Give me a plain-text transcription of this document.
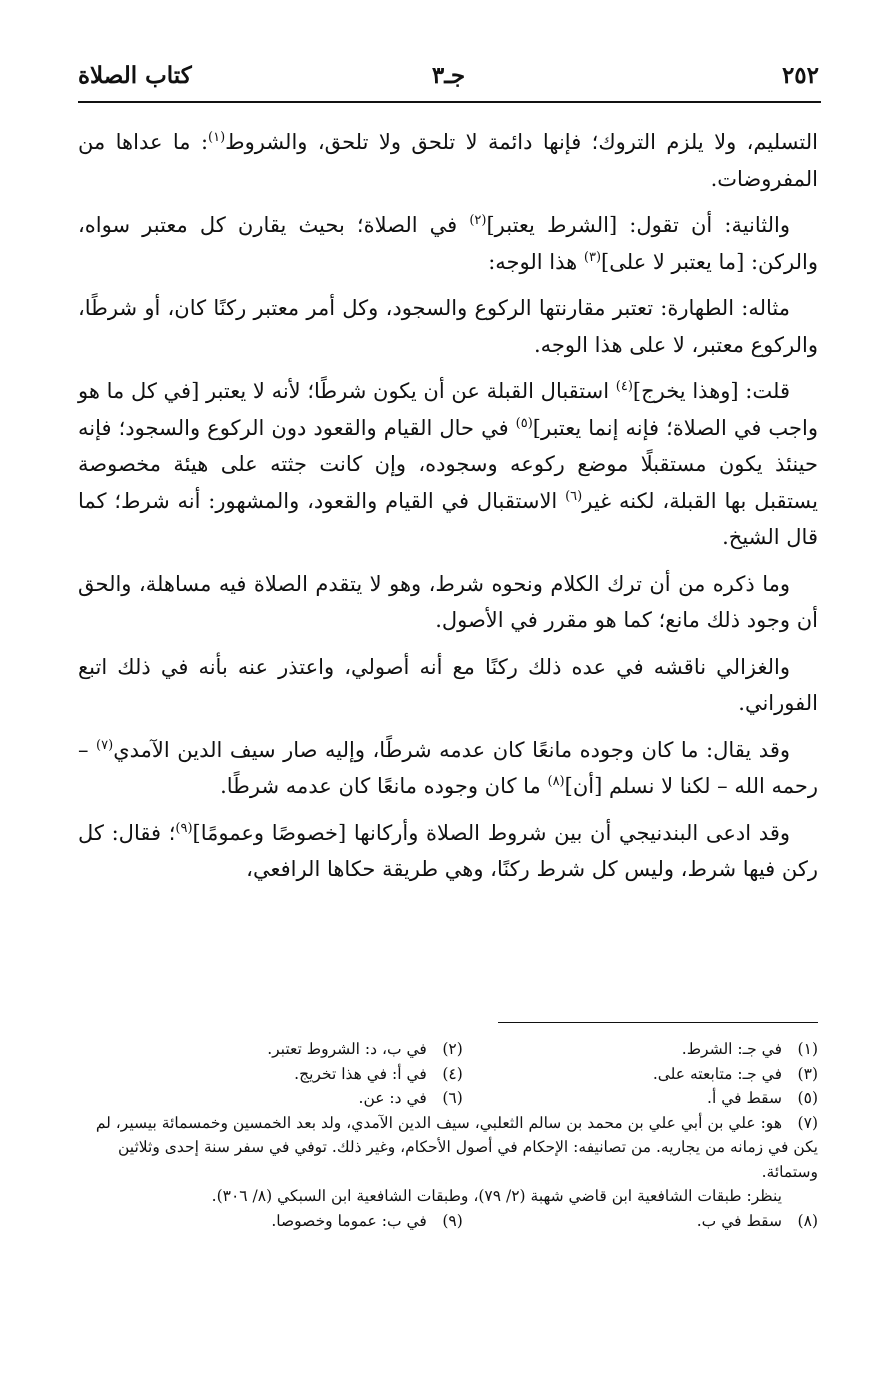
٢٥٢
جـ٣
كتاب الصلاة

التسليم، ولا يلزم التروك؛ فإنها دائمة لا تلحق ولا تلحق، والشروط$^{(١)}$: ما عداها من المفروضات.

والثانية: أن تقول: [الشرط يعتبر]$^{(٢)}$ في الصلاة؛ بحيث يقارن كل معتبر سواه، والركن: [ما يعتبر لا على]$^{(٣)}$ هذا الوجه:

مثاله: الطهارة: تعتبر مقارنتها الركوع والسجود، وكل أمر معتبر ركنًا كان، أو شرطًا، والركوع معتبر، لا على هذا الوجه.

قلت: [وهذا يخرج]$^{(٤)}$ استقبال القبلة عن أن يكون شرطًا؛ لأنه لا يعتبر [في كل ما هو واجب في الصلاة؛ فإنه إنما يعتبر]$^{(٥)}$ في حال القيام والقعود دون الركوع والسجود؛ فإنه حينئذ يكون مستقبلًا موضع ركوعه وسجوده، وإن كانت جثته على هيئة مخصوصة يستقبل بها القبلة، لكنه غير$^{(٦)}$ الاستقبال في القيام والقعود، والمشهور: أنه شرط؛ كما قال الشيخ.

وما ذكره من أن ترك الكلام ونحوه شرط، وهو لا يتقدم الصلاة فيه مساهلة، والحق أن وجود ذلك مانع؛ كما هو مقرر في الأصول.

والغزالي ناقشه في عده ذلك ركنًا مع أنه أصولي، واعتذر عنه بأنه في ذلك اتبع الفوراني.

وقد يقال: ما كان وجوده مانعًا كان عدمه شرطًا، وإليه صار سيف الدين الآمدي$^{(٧)}$ – رحمه الله – لكنا لا نسلم [أن]$^{(٨)}$ ما كان وجوده مانعًا كان عدمه شرطًا.

وقد ادعى البندنيجي أن بين شروط الصلاة وأركانها [خصوصًا وعمومًا]$^{(٩)}$؛ فقال: كل ركن فيها شرط، وليس كل شرط ركنًا، وهي طريقة حكاها الرافعي،

(١)في جـ: الشرط.
(٢)في ب، د: الشروط تعتبر.
(٣)في جـ: متابعته على.
(٤)في أ: في هذا تخريج.
(٥)سقط في أ.
(٦)في د: عن.
(٧)هو: علي بن أبي علي بن محمد بن سالم الثعلبي، سيف الدين الآمدي، ولد بعد الخمسين وخمسمائة بيسير، لم يكن في زمانه من يجاريه. من تصانيفه: الإحكام في أصول الأحكام، وغير ذلك. توفي في سفر سنة إحدى وثلاثين وستمائة.
ينظر: طبقات الشافعية ابن قاضي شهبة (٢/ ٧٩)، وطبقات الشافعية ابن السبكي (٨/ ٣٠٦).
(٨)سقط في ب.
(٩)في ب: عموما وخصوصا.
